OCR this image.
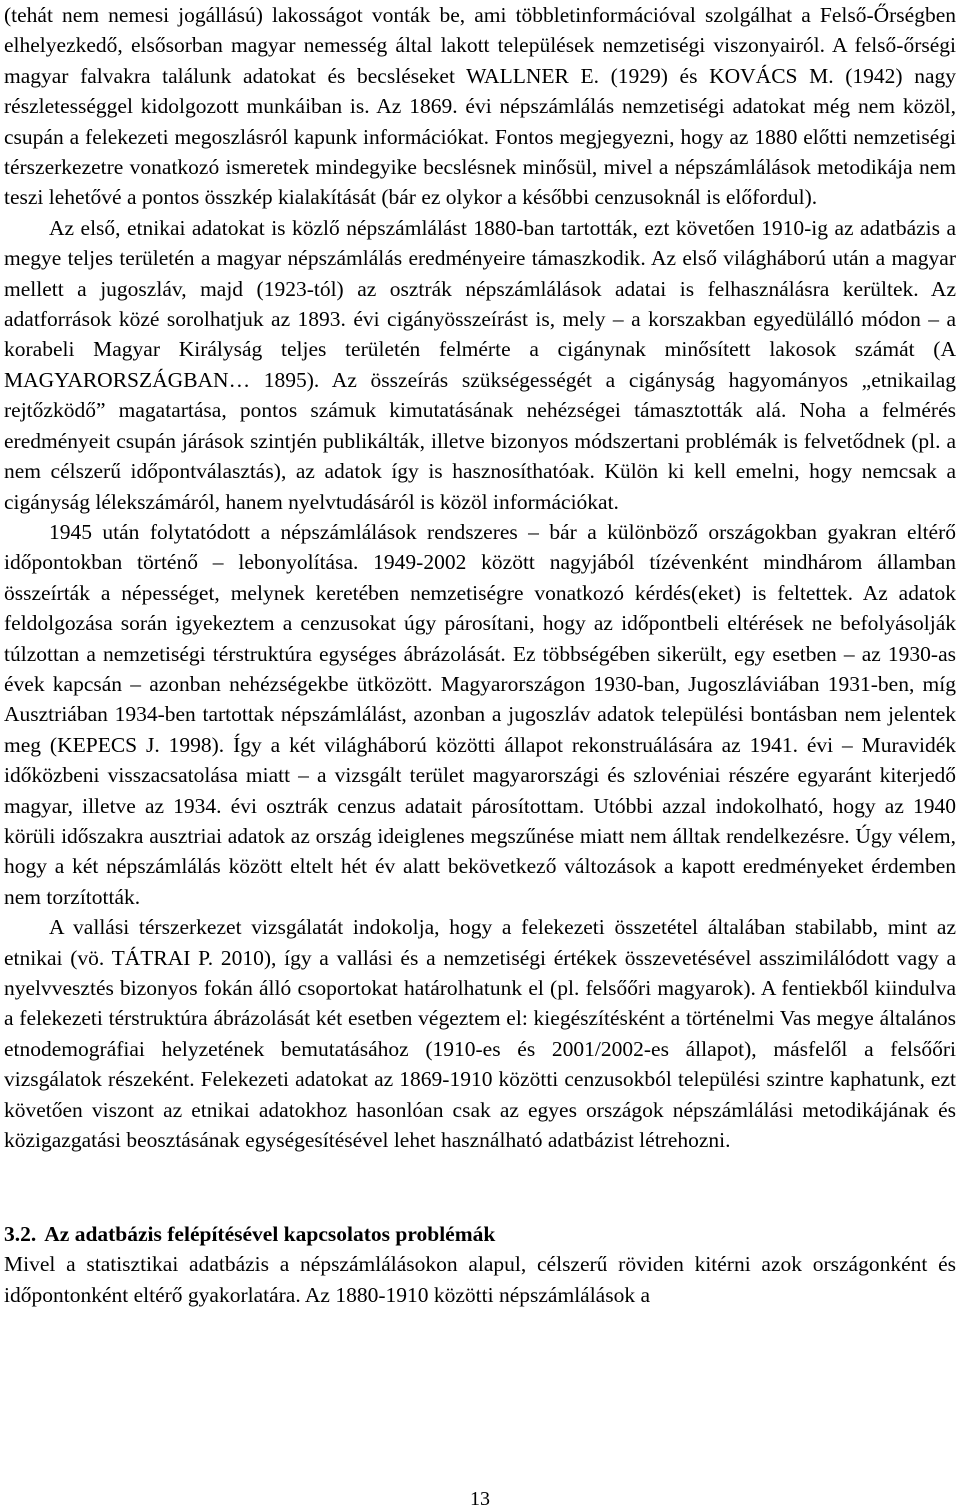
(tehát nem nemesi jogállású) lakosságot vonták be, ami többletinformációval szolgálhat a Felső-Őrségben elhelyezkedő, elsősorban magyar nemesség által lakott települések nemzetiségi viszonyairól. A felső-őrségi magyar falvakra találunk adatokat és becsléseket WALLNER E. (1929) és KOVÁCS M. (1942) nagy részletességgel kidolgozott munkáiban is. Az 1869. évi népszámlálás nemzetiségi adatokat még nem közöl, csupán a felekezeti megoszlásról kapunk információkat. Fontos megjegyezni, hogy az 1880 előtti nemzetiségi térszerkezetre vonatkozó ismeretek mindegyike becslésnek minősül, mivel a népszámlálások metodikája nem teszi lehetővé a pontos összkép kialakítását (bár ez olykor a későbbi cenzusoknál is előfordul).

Az első, etnikai adatokat is közlő népszámlálást 1880-ban tartották, ezt követően 1910-ig az adatbázis a megye teljes területén a magyar népszámlálás eredményeire támaszkodik. Az első világháború után a magyar mellett a jugoszláv, majd (1923-tól) az osztrák népszámlálások adatai is felhasználásra kerültek. Az adatforrások közé sorolhatjuk az 1893. évi cigányösszeírást is, mely – a korszakban egyedülálló módon – a korabeli Magyar Királyság teljes területén felmérte a cigánynak minősített lakosok számát (A MAGYARORSZÁGBAN… 1895). Az összeírás szükségességét a cigányság hagyományos „etnikailag rejtőzködő” magatartása, pontos számuk kimutatásának nehézségei támasztották alá. Noha a felmérés eredményeit csupán járások szintjén publikálták, illetve bizonyos módszertani problémák is felvetődnek (pl. a nem célszerű időpontválasztás), az adatok így is hasznosíthatóak. Külön ki kell emelni, hogy nemcsak a cigányság lélekszámáról, hanem nyelvtudásáról is közöl információkat.

1945 után folytatódott a népszámlálások rendszeres – bár a különböző országokban gyakran eltérő időpontokban történő – lebonyolítása. 1949-2002 között nagyjából tízévenként mindhárom államban összeírták a népességet, melynek keretében nemzetiségre vonatkozó kérdés(eket) is feltettek. Az adatok feldolgozása során igyekeztem a cenzusokat úgy párosítani, hogy az időpontbeli eltérések ne befolyásolják túlzottan a nemzetiségi térstruktúra egységes ábrázolását. Ez többségében sikerült, egy esetben – az 1930-as évek kapcsán – azonban nehézségekbe ütközött. Magyarországon 1930-ban, Jugoszláviában 1931-ben, míg Ausztriában 1934-ben tartottak népszámlálást, azonban a jugoszláv adatok települési bontásban nem jelentek meg (KEPECS J. 1998). Így a két világháború közötti állapot rekonstruálására az 1941. évi – Muravidék időközbeni visszacsatolása miatt – a vizsgált terület magyarországi és szlovéniai részére egyaránt kiterjedő magyar, illetve az 1934. évi osztrák cenzus adatait párosítottam. Utóbbi azzal indokolható, hogy az 1940 körüli időszakra ausztriai adatok az ország ideiglenes megszűnése miatt nem álltak rendelkezésre. Úgy vélem, hogy a két népszámlálás között eltelt hét év alatt bekövetkező változások a kapott eredményeket érdemben nem torzították.

A vallási térszerkezet vizsgálatát indokolja, hogy a felekezeti összetétel általában stabilabb, mint az etnikai (vö. TÁTRAI P. 2010), így a vallási és a nemzetiségi értékek összevetésével asszimilálódott vagy a nyelvvesztés bizonyos fokán álló csoportokat határolhatunk el (pl. felsőőri magyarok). A fentiekből kiindulva a felekezeti térstruktúra ábrázolását két esetben végeztem el: kiegészítésként a történelmi Vas megye általános etnodemográfiai helyzetének bemutatásához (1910-es és 2001/2002-es állapot), másfelől a felsőőri vizsgálatok részeként. Felekezeti adatokat az 1869-1910 közötti cenzusokból települési szintre kaphatunk, ezt követően viszont az etnikai adatokhoz hasonlóan csak az egyes országok népszámlálási metodikájának és közigazgatási beosztásának egységesítésével lehet használható adatbázist létrehozni.

3.2. Az adatbázis felépítésével kapcsolatos problémák

Mivel a statisztikai adatbázis a népszámlálásokon alapul, célszerű röviden kitérni azok országonként és időpontonként eltérő gyakorlatára. Az 1880-1910 közötti népszámlálások a

13
